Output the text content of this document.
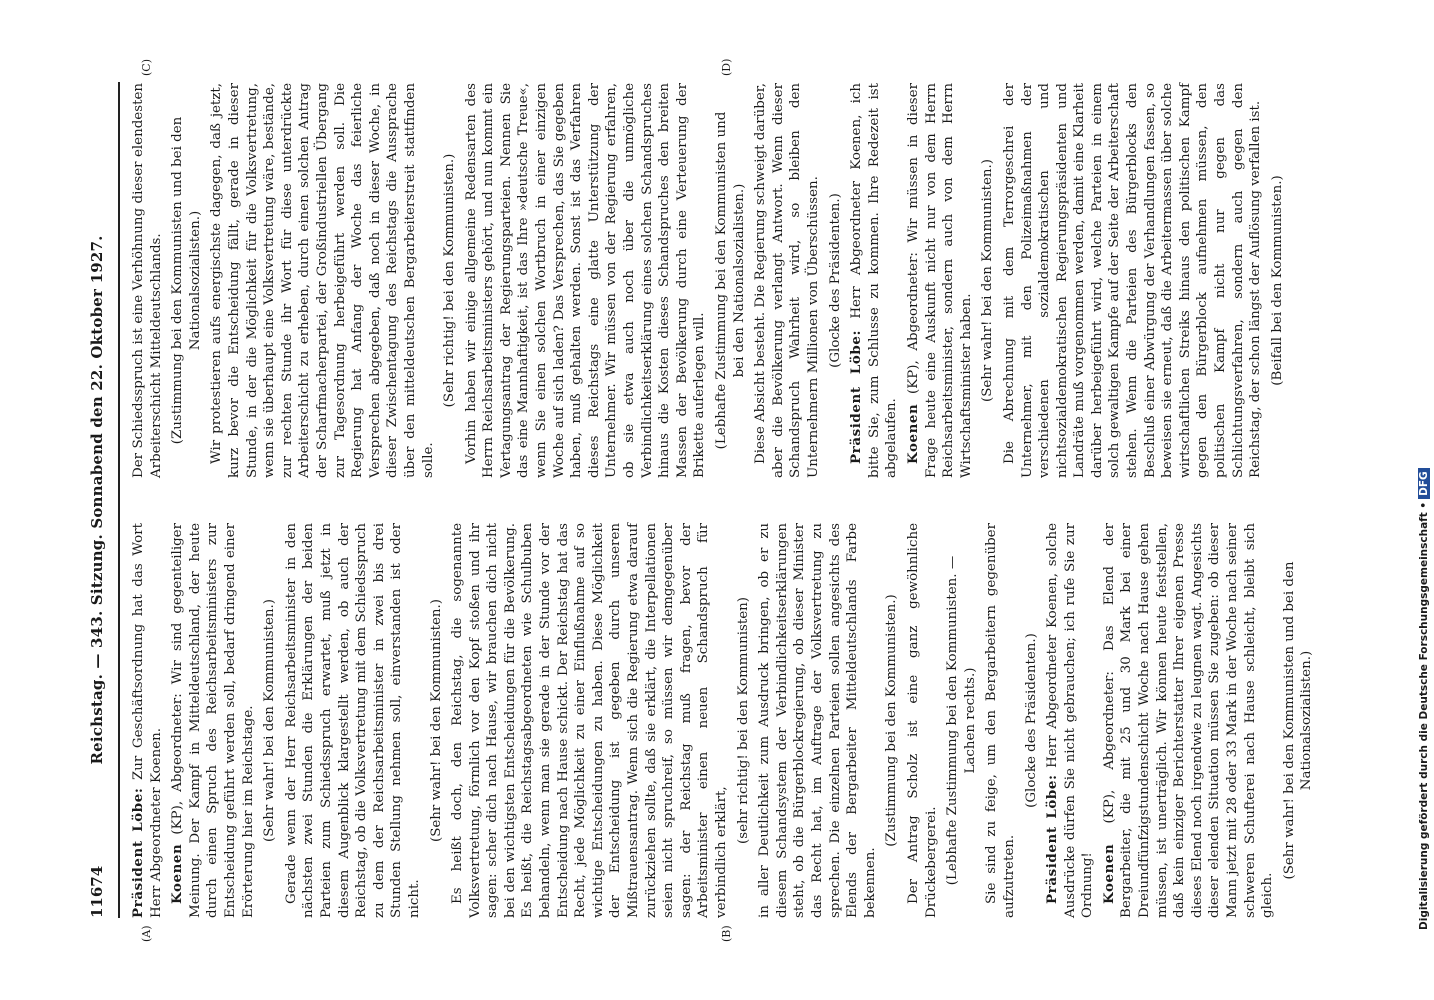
11674
Reichstag. — 343. Sitzung. Sonnabend den 22. Oktober 1927.
(A)	(B)
(C)	(D)

Präsident Löbe: Zur Geschäftsordnung hat das Wort Herr Abgeordneter Koenen. Koenen (KP), Abgeordneter: Wir sind gegenteiliger Meinung. Der Kampf in Mitteldeutschland, der heute durch einen Spruch des Reichsarbeitsministers zur Entscheidung geführt werden soll, bedarf dringend einer Erörterung hier im Reichstage. (Sehr wahr! bei den Kommunisten.) Gerade wenn der Herr Reichsarbeitsminister in den nächsten zwei Stunden die Erklärungen der beiden Parteien zum Schiedsspruch erwartet, muß jetzt in diesem Augenblick klargestellt werden, ob auch der Reichstag, ob die Volksvertretung mit dem Schiedsspruch zu dem der Reichsarbeitsminister in zwei bis drei Stunden Stellung nehmen soll, einverstanden ist oder nicht.

(Sehr wahr! bei den Kommunisten.) Es heißt doch, den Reichstag, die sogenannte Volksvertretung, förmlich vor den Kopf stoßen und ihr sagen: scher dich nach Hause, wir brauchen dich nicht bei den wichtigsten Entscheidungen für die Bevölkerung. Es heißt, die Reichstagsabgeordneten wie Schulbuben behandeln, wenn man sie gerade in der Stunde vor der Entscheidung nach Hause schickt. Der Reichstag hat das Recht, jede Möglichkeit zu einer Einflußnahme auf so wichtige Entscheidungen zu haben. Diese Möglichkeit der Entscheidung ist gegeben durch unseren Mißtrauensantrag. Wenn sich die Regierung etwa darauf zurückziehen sollte, daß sie erklärt, die Interpellationen seien nicht spruchreif, so müssen wir demgegenüber sagen: der Reichstag muß fragen, bevor der Arbeitsminister einen neuen Schandspruch für verbindlich erklärt,

(sehr richtig! bei den Kommunisten) in aller Deutlichkeit zum Ausdruck bringen, ob er zu diesem Schandsystem der Verbindlichkeitserklärungen steht, ob die Bürgerblockregierung, ob dieser Minister das Recht hat, im Auftrage der Volksvertretung zu sprechen. Die einzelnen Parteien sollen angesichts des Elends der Bergarbeiter Mitteldeutschlands Farbe bekennen.

(Zustimmung bei den Kommunisten.) Der Antrag Scholz ist eine ganz gewöhnliche Drückebergerei. (Lebhafte Zustimmung bei den Kommunisten. — Lachen rechts.) Sie sind zu feige, um den Bergarbeitern gegenüber aufzutreten.

(Glocke des Präsidenten.)

Präsident Löbe: Herr Abgeordneter Koenen, solche Ausdrücke dürfen Sie nicht gebrauchen; ich rufe Sie zur Ordnung! Koenen (KP), Abgeordneter: Das Elend der Bergarbeiter, die mit 25 und 30 Mark bei einer Dreiundfünfzigstundenschicht Woche nach Hause gehen müssen, ist unerträglich. Wir können heute feststellen, daß kein einziger Berichterstatter Ihrer eigenen Presse dieses Elend noch irgendwie zu leugnen wagt. Angesichts dieser elenden Situation müssen Sie zugeben: ob dieser Mann jetzt mit 28 oder 33 Mark in der Woche nach seiner schweren Schufterei nach Hause schleicht, bleibt sich gleich.

(Sehr wahr! bei den Kommunisten und bei den Nationalsozialisten.)

Der Schiedsspruch ist eine Verhöhnung dieser elendesten Arbeiterschicht Mitteldeutschlands. (Zustimmung bei den Kommunisten und bei den Nationalsozialisten.) Wir protestieren aufs energischste dagegen, daß jetzt, kurz bevor die Entscheidung fällt, gerade in dieser Stunde, in der die Möglichkeit für die Volksvertretung, wenn sie überhaupt eine Volksvertretung wäre, bestände, zur rechten Stunde ihr Wort für diese unterdrückte Arbeiterschicht zu erheben, durch einen solchen Antrag der Scharfmacherpartei, der Großindustriellen Übergang zur Tagesordnung herbeigeführt werden soll. Die Regierung hat Anfang der Woche das feierliche Versprechen abgegeben, daß noch in dieser Woche, in dieser Zwischentagung des Reichstags die Aussprache über den mitteldeutschen Bergarbeiterstreit stattfinden solle.

(Sehr richtig! bei den Kommunisten.) Vorhin haben wir einige allgemeine Redensarten des Herrn Reichsarbeitsministers gehört, und nun kommt ein Vertagungsantrag der Regierungsparteien. Nennen Sie das eine Mannhaftigkeit, ist das Ihre »deutsche Treue«, wenn Sie einen solchen Wortbruch in einer einzigen Woche auf sich laden? Das Versprechen, das Sie gegeben haben, muß gehalten werden. Sonst ist das Verfahren dieses Reichstags eine glatte Unterstützung der Unternehmer. Wir müssen von der Regierung erfahren, ob sie etwa auch noch über die unmögliche Verbindlichkeitserklärung eines solchen Schandspruches hinaus die Kosten dieses Schandspruches den breiten Massen der Bevölkerung durch eine Verteuerung der Brikette auferlegen will. (Lebhafte Zustimmung bei den Kommunisten und bei den Nationalsozialisten.) Diese Absicht besteht. Die Regierung schweigt darüber, aber die Bevölkerung verlangt Antwort. Wenn dieser Schandspruch Wahrheit wird, so bleiben den Unternehmern Millionen von Überschüssen. (Glocke des Präsidenten.)

Präsident Löbe: Herr Abgeordneter Koenen, ich bitte Sie, zum Schlusse zu kommen. Ihre Redezeit ist abgelaufen. Koenen (KP), Abgeordneter: Wir müssen in dieser Frage heute eine Auskunft nicht nur von dem Herrn Reichsarbeitsminister, sondern auch von dem Herrn Wirtschaftsminister haben. (Sehr wahr! bei den Kommunisten.) Die Abrechnung mit dem Terrorgeschrei der Unternehmer, mit den Polizeimaßnahmen der verschiedenen sozialdemokratischen und nichtsozialdemokratischen Regierungspräsidenten und Landräte muß vorgenommen werden, damit eine Klarheit darüber herbeigeführt wird, welche Parteien in einem solch gewaltigen Kampfe auf der Seite der Arbeiterschaft stehen. Wenn die Parteien des Bürgerblocks den Beschluß einer Abwürgung der Verhandlungen fassen, so beweisen sie erneut, daß die Arbeitermassen über solche wirtschaftlichen Streiks hinaus den politischen Kampf gegen den Bürgerblock aufnehmen müssen, den politischen Kampf nicht nur gegen das Schlichtungsverfahren, sondern auch gegen den Reichstag, der schon längst der Auflösung verfallen ist. (Beifall bei den Kommunisten.)

Digitalisierung gefördert durch die Deutsche Forschungsgemeinschaft •DFG
